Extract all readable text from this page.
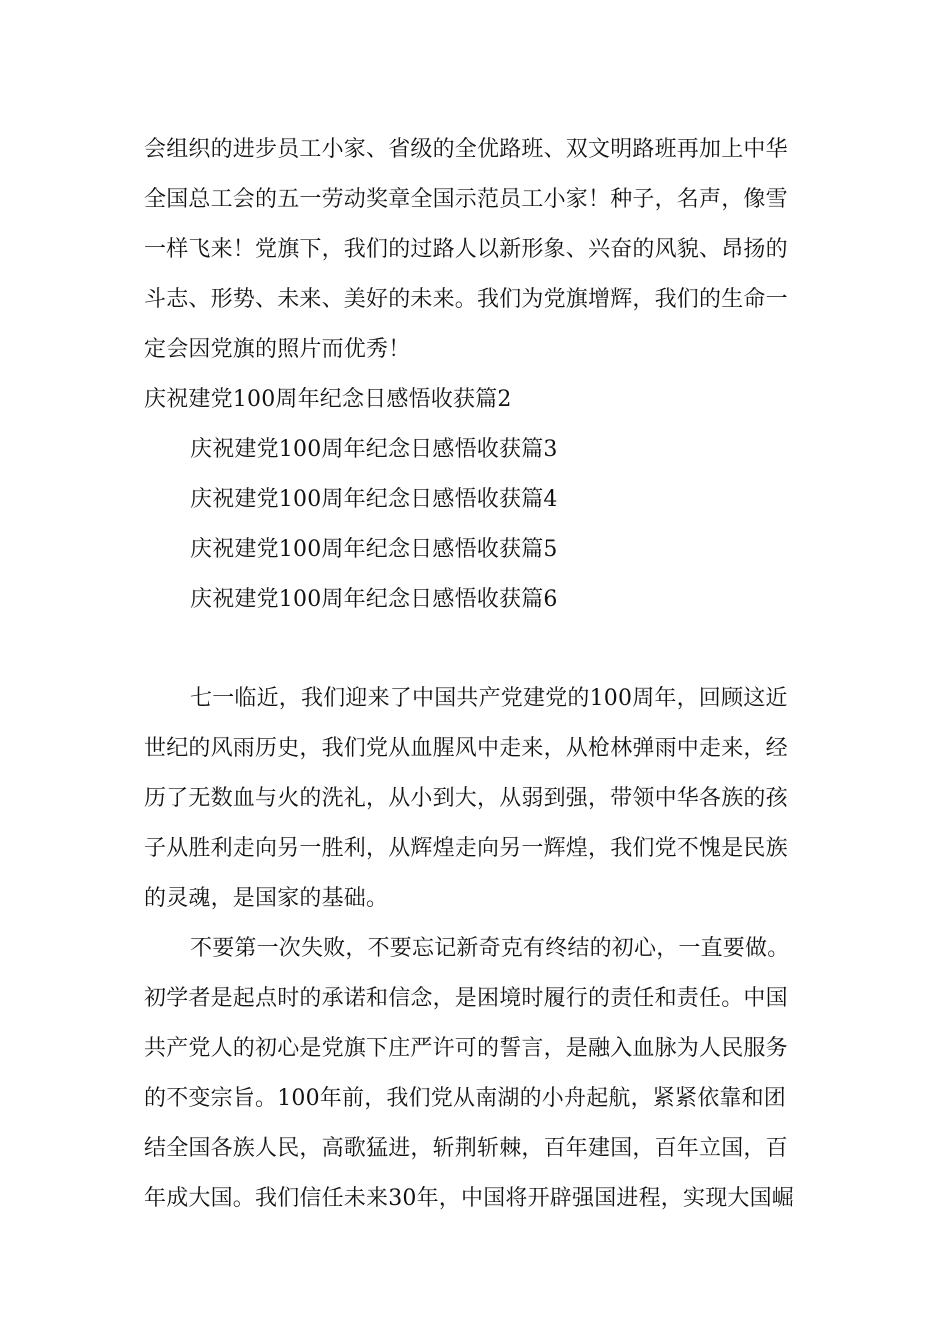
会组织的进步员工小家、省级的全优路班、双文明路班再加上中华
全国总工会的五一劳动奖章全国示范员工小家！种子，名声，像雪
一样飞来！党旗下，我们的过路人以新形象、兴奋的风貌、昂扬的
斗志、形势、未来、美好的未来。我们为党旗增辉，我们的生命一
定会因党旗的照片而优秀！
庆祝建党100周年纪念日感悟收获篇2
庆祝建党100周年纪念日感悟收获篇3
庆祝建党100周年纪念日感悟收获篇4
庆祝建党100周年纪念日感悟收获篇5
庆祝建党100周年纪念日感悟收获篇6
七一临近，我们迎来了中国共产党建党的100周年，回顾这近
世纪的风雨历史，我们党从血腥风中走来，从枪林弹雨中走来，经
历了无数血与火的洗礼，从小到大，从弱到强，带领中华各族的孩
子从胜利走向另一胜利，从辉煌走向另一辉煌，我们党不愧是民族
的灵魂，是国家的基础。
不要第一次失败，不要忘记新奇克有终结的初心，一直要做。
初学者是起点时的承诺和信念，是困境时履行的责任和责任。中国
共产党人的初心是党旗下庄严许可的誓言，是融入血脉为人民服务
的不变宗旨。100年前，我们党从南湖的小舟起航，紧紧依靠和团
结全国各族人民，高歌猛进，斩荆斩棘，百年建国，百年立国，百
年成大国。我们信任未来30年，中国将开辟强国进程，实现大国崛
